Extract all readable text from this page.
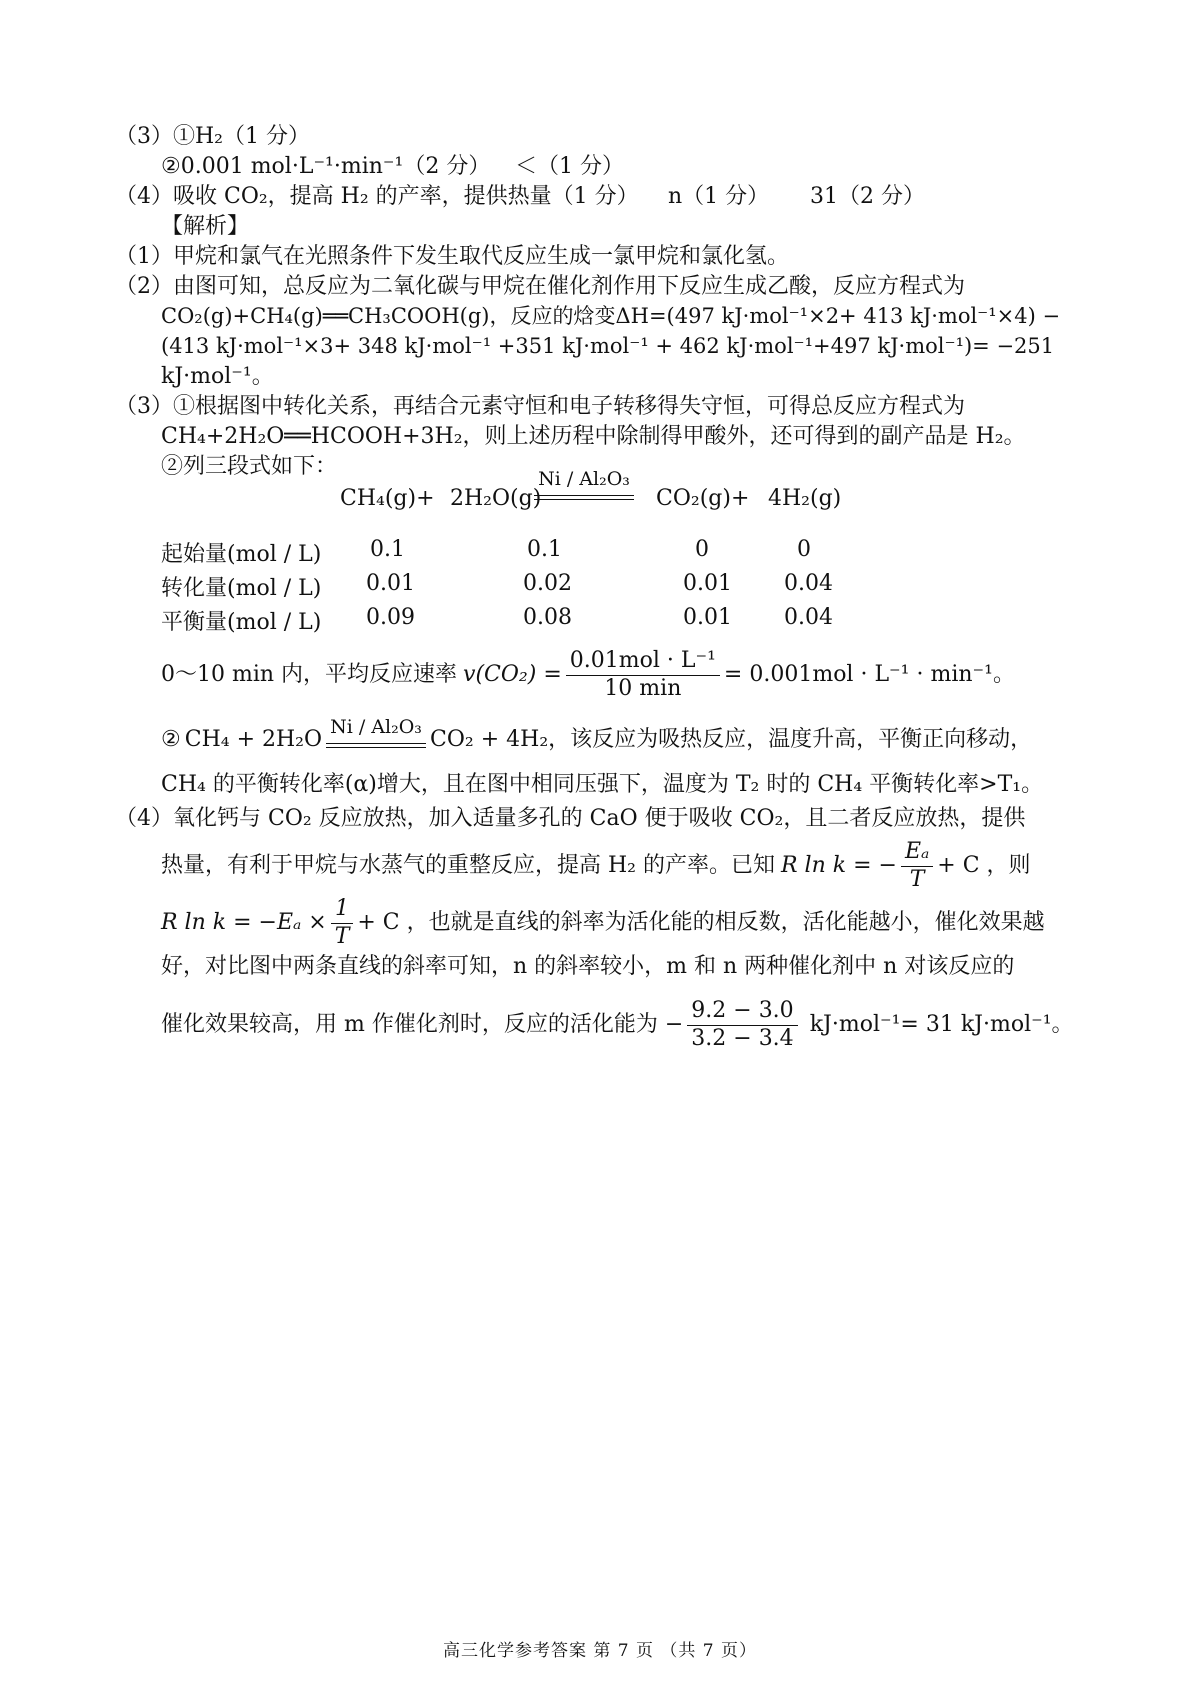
（3）①H₂（1 分）
②0.001 mol·L⁻¹·min⁻¹（2 分） ＜（1 分）
（4）吸收 CO₂，提高 H₂ 的产率，提供热量（1 分） n（1 分） 31（2 分）
【解析】
（1）甲烷和氯气在光照条件下发生取代反应生成一氯甲烷和氯化氢。
（2）由图可知，总反应为二氧化碳与甲烷在催化剂作用下反应生成乙酸，反应方程式为
CO₂(g)+CH₄(g)══CH₃COOH(g)，反应的焓变ΔH=(497 kJ·mol⁻¹×2+ 413 kJ·mol⁻¹×4) −
(413 kJ·mol⁻¹×3+ 348 kJ·mol⁻¹ +351 kJ·mol⁻¹ + 462 kJ·mol⁻¹+497 kJ·mol⁻¹)= −251
kJ·mol⁻¹。
（3）①根据图中转化关系，再结合元素守恒和电子转移得失守恒，可得总反应方程式为
CH₄+2H₂O══HCOOH+3H₂，则上述历程中除制得甲酸外，还可得到的副产品是 H₂。
②列三段式如下：
CH₄(g)+ 2H₂O(g)
Ni / Al₂O₃
CO₂(g)+ 4H₂(g)
起始量(mol / L) 0.1	0.1	0	0
转化量(mol / L) 0.01	0.02	0.01 0.04
平衡量(mol / L) 0.09	0.08	0.01 0.04
0～10 min 内，平均反应速率 $v(CO_2) = \frac{\text{0.01mol · L⁻¹}}{10 \min} = 0.001mol \cdot L^{-1} \cdot \min^{-1}$。
② CH₄ + 2H₂O
Ni / Al₂O₃
CO₂ + 4H₂ ，该反应为吸热反应，温度升高，平衡正向移动，
CH₄ 的平衡转化率(α)增大，且在图中相同压强下，温度为 T₂ 时的 CH₄ 平衡转化率>T₁。
（4）氧化钙与 CO₂ 反应放热，加入适量多孔的 CaO 便于吸收 CO₂，且二者反应放热，提供
热量，有利于甲烷与水蒸气的重整反应，提高 H₂ 的产率。已知 R ln k = − $\frac{\text{Eₐ}}{T} + C$ ，则
R $\ln k = -E_a \times \frac{1}{T} + C$ ，也就是直线的斜率为活化能的相反数，活化能越小，催化效果越
好，对比图中两条直线的斜率可知，n 的斜率较小，m 和 n 两种催化剂中 n 对该反应的
催化效果较高，用 m 作催化剂时，反应的活化能为 − $\frac{9.2 - 3.0}{3.2 - 3.4} kJ\cdot mol^{-1}= 31$ kJ·mol⁻¹。
高三化学参考答案 第 7 页 （共 7 页）
